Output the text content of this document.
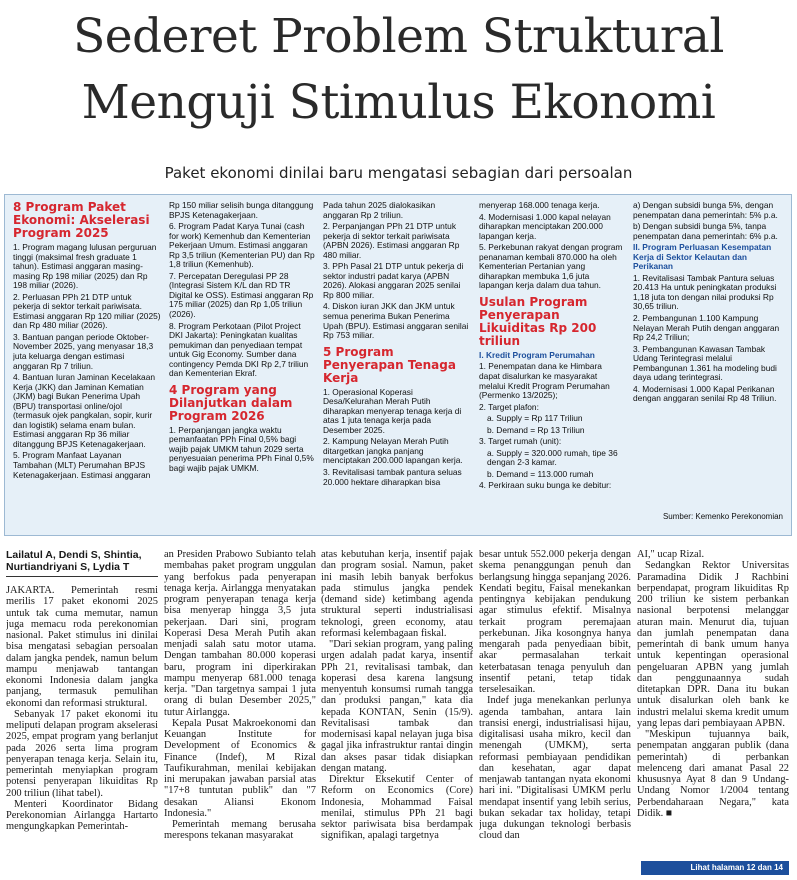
Sederet Problem Struktural
Menguji Stimulus Ekonomi
Paket ekonomi dinilai baru mengatasi sebagian dari persoalan
8 Program Paket Ekonomi: Akselerasi Program 2025

1. Program magang lulusan perguruan tinggi (maksimal fresh graduate 1 tahun). Estimasi anggaran masing-masing Rp 198 miliar (2025) dan Rp 198 miliar (2026).

2. Perluasan PPh 21 DTP untuk pekerja di sektor terkait pariwisata. Estimasi anggaran Rp 120 miliar (2025) dan Rp 480 miliar (2026).

3. Bantuan pangan periode Oktober-November 2025, yang menyasar 18,3 juta keluarga dengan estimasi anggaran Rp 7 triliun.

4. Bantuan Iuran Jaminan Kecelakaan Kerja (JKK) dan Jaminan Kematian (JKM) bagi Bukan Penerima Upah (BPU) transportasi online/ojol (termasuk ojek pangkalan, sopir, kurir dan logistik) selama enam bulan. Estimasi anggaran Rp 36 miliar ditanggung BPJS Ketenagakerjaan.

5. Program Manfaat Layanan Tambahan (MLT) Perumahan BPJS Ketenagakerjaan. Estimasi anggaran

Rp 150 miliar selisih bunga ditanggung BPJS Ketenagakerjaan.

6. Program Padat Karya Tunai (cash for work) Kemenhub dan Kementerian Pekerjaan Umum. Estimasi anggaran Rp 3,5 triliun (Kementerian PU) dan Rp 1,8 triliun (Kemenhub).

7. Percepatan Deregulasi PP 28 (Integrasi Sistem K/L dan RD TR Digital ke OSS). Estimasi anggaran Rp 175 miliar (2025) dan Rp 1,05 triliun (2026).

8. Program Perkotaan (Pilot Project DKI Jakarta): Peningkatan kualitas pemukiman dan penyediaan tempat untuk Gig Economy. Sumber dana contingency Pemda DKI Rp 2,7 triliun dan Kementerian Ekraf.

4 Program yang Dilanjutkan dalam Program 2026

1. Perpanjangan jangka waktu pemanfaatan PPh Final 0,5% bagi wajib pajak UMKM tahun 2029 serta penyesuaian penerima PPh Final 0,5% bagi wajib pajak UMKM.

Pada tahun 2025 dialokasikan anggaran Rp 2 triliun.

2. Perpanjangan PPh 21 DTP untuk pekerja di sektor terkait pariwisata (APBN 2026). Estimasi anggaran Rp 480 miliar.

3. PPh Pasal 21 DTP untuk pekerja di sektor industri padat karya (APBN 2026). Alokasi anggaran 2025 senilai Rp 800 miliar.

4. Diskon iuran JKK dan JKM untuk semua penerima Bukan Penerima Upah (BPU). Estimasi anggaran senilai Rp 753 miliar.

5 Program Penyerapan Tenaga Kerja

1. Operasional Koperasi Desa/Kelurahan Merah Putih diharapkan menyerap tenaga kerja di atas 1 juta tenaga kerja pada Desember 2025.

2. Kampung Nelayan Merah Putih ditargetkan jangka panjang menciptakan 200.000 lapangan kerja.

3. Revitalisasi tambak pantura seluas 20.000 hektare diharapkan bisa

menyerap 168.000 tenaga kerja.

4. Modernisasi 1.000 kapal nelayan diharapkan menciptakan 200.000 lapangan kerja.

5. Perkebunan rakyat dengan program penanaman kembali 870.000 ha oleh Kementerian Pertanian yang diharapkan membuka 1,6 juta lapangan kerja dalam dua tahun.

Usulan Program Penyerapan Likuiditas Rp 200 triliun
I. Kredit Program Perumahan

1. Penempatan dana ke Himbara dapat disalurkan ke masyarakat melalui Kredit Program Perumahan (Permenko 13/2025);

2. Target plafon:

a. Supply = Rp 117 Triliun

b. Demand = Rp 13 Triliun

3. Target rumah (unit):

a. Supply = 320.000 rumah, tipe 36 dengan 2-3 kamar.

b. Demand = 113.000 rumah

4. Perkiraan suku bunga ke debitur:

a) Dengan subsidi bunga 5%, dengan penempatan dana pemerintah: 5% p.a.

b) Dengan subsidi bunga 5%, tanpa penempatan dana pemerintah: 6% p.a.

II. Program Perluasan Kesempatan Kerja di Sektor Kelautan dan Perikanan

1. Revitalisasi Tambak Pantura seluas 20.413 Ha untuk peningkatan produksi 1,18 juta ton dengan nilai produksi Rp 30,65 triliun.

2. Pembangunan 1.100 Kampung Nelayan Merah Putih dengan anggaran Rp 24,2 Triliun;

3. Pembangunan Kawasan Tambak Udang Terintegrasi melalui Pembangunan 1.361 ha modeling budi daya udang terintegrasi.

4. Modernisasi 1.000 Kapal Perikanan dengan anggaran senilai Rp 48 Triliun.

Sumber: Kemenko Perekonomian
Lailatul A, Dendi S, Shintia, Nurtiandriyani S, Lydia T

JAKARTA. Pemerintah resmi merilis 17 paket ekonomi 2025 untuk tak cuma memutar, namun juga memacu roda perekonomian nasional. Paket stimulus ini dinilai bisa mengatasi sebagian persoalan dalam jangka pendek, namun belum mampu menjawab tantangan ekonomi Indonesia dalam jangka panjang, termasuk pemulihan ekonomi dan reformasi struktural.

Sebanyak 17 paket ekonomi itu meliputi delapan program akselerasi 2025, empat program yang berlanjut pada 2026 serta lima program penyerapan tenaga kerja. Selain itu, pemerintah menyiapkan program potensi penyerapan likuiditas Rp 200 triliun (lihat tabel).

Menteri Koordinator Bidang Perekonomian Airlangga Hartarto mengungkapkan Pemerintah-

an Presiden Prabowo Subianto telah membahas paket program unggulan yang berfokus pada penyerapan tenaga kerja. Airlangga menyatakan program penyerapan tenaga kerja bisa menyerap hingga 3,5 juta pekerjaan. Dari sini, program Koperasi Desa Merah Putih akan menjadi salah satu motor utama. Dengan tambahan 80.000 koperasi baru, program ini diperkirakan mampu menyerap 681.000 tenaga kerja. "Dan targetnya sampai 1 juta orang di bulan Desember 2025," tutur Airlangga.

Kepala Pusat Makroekonomi dan Keuangan Institute for Development of Economics & Finance (Indef), M Rizal Taufikurahman, menilai kebijakan ini merupakan jawaban parsial atas "17+8 tuntutan publik" dan "7 desakan Aliansi Ekonom Indonesia."

Pemerintah memang berusaha merespons tekanan masyarakat

atas kebutuhan kerja, insentif pajak dan program sosial. Namun, paket ini masih lebih banyak berfokus pada stimulus jangka pendek (demand side) ketimbang agenda struktural seperti industrialisasi teknologi, green economy, atau reformasi kelembagaan fiskal.

"Dari sekian program, yang paling urgen adalah padat karya, insentif PPh 21, revitalisasi tambak, dan koperasi desa karena langsung menyentuh konsumsi rumah tangga dan produksi pangan," kata dia kepada KONTAN, Senin (15/9). Revitalisasi tambak dan modernisasi kapal nelayan juga bisa gagal jika infrastruktur rantai dingin dan akses pasar tidak disiapkan dengan matang.

Direktur Eksekutif Center of Reform on Economics (Core) Indonesia, Mohammad Faisal menilai, stimulus PPh 21 bagi sektor pariwisata bisa berdampak signifikan, apalagi targetnya

besar untuk 552.000 pekerja dengan skema penanggungan penuh dan berlangsung hingga sepanjang 2026. Kendati begitu, Faisal menekankan pentingnya kebijakan pendukung agar stimulus efektif. Misalnya terkait program peremajaan perkebunan. Jika kosongnya hanya mengarah pada penyediaan bibit, akar permasalahan terkait keterbatasan tenaga penyuluh dan insentif petani, tetap tidak terselesaikan.

Indef juga menekankan perlunya agenda tambahan, antara lain transisi energi, industrialisasi hijau, digitalisasi usaha mikro, kecil dan menengah (UMKM), serta reformasi pembiayaan pendidikan dan kesehatan, agar dapat menjawab tantangan nyata ekonomi hari ini. "Digitalisasi UMKM perlu mendapat insentif yang lebih serius, bukan sekadar tax holiday, tetapi juga dukungan teknologi berbasis cloud dan

AI," ucap Rizal.

Sedangkan Rektor Universitas Paramadina Didik J Rachbini berpendapat, program likuiditas Rp 200 triliun ke sistem perbankan nasional berpotensi melanggar aturan main. Menurut dia, tujuan dan jumlah penempatan dana pemerintah di bank umum hanya untuk kepentingan operasional pengeluaran APBN yang jumlah dan penggunaannya sudah ditetapkan DPR. Dana itu bukan untuk disalurkan oleh bank ke industri melalui skema kredit umum yang lepas dari pembiayaan APBN.

"Meskipun tujuannya baik, penempatan anggaran publik (dana pemerintah) di perbankan melenceng dari amanat Pasal 22 khususnya Ayat 8 dan 9 Undang-Undang Nomor 1/2004 tentang Perbendaharaan Negara," kata Didik. ■

Lihat halaman 12 dan 14
